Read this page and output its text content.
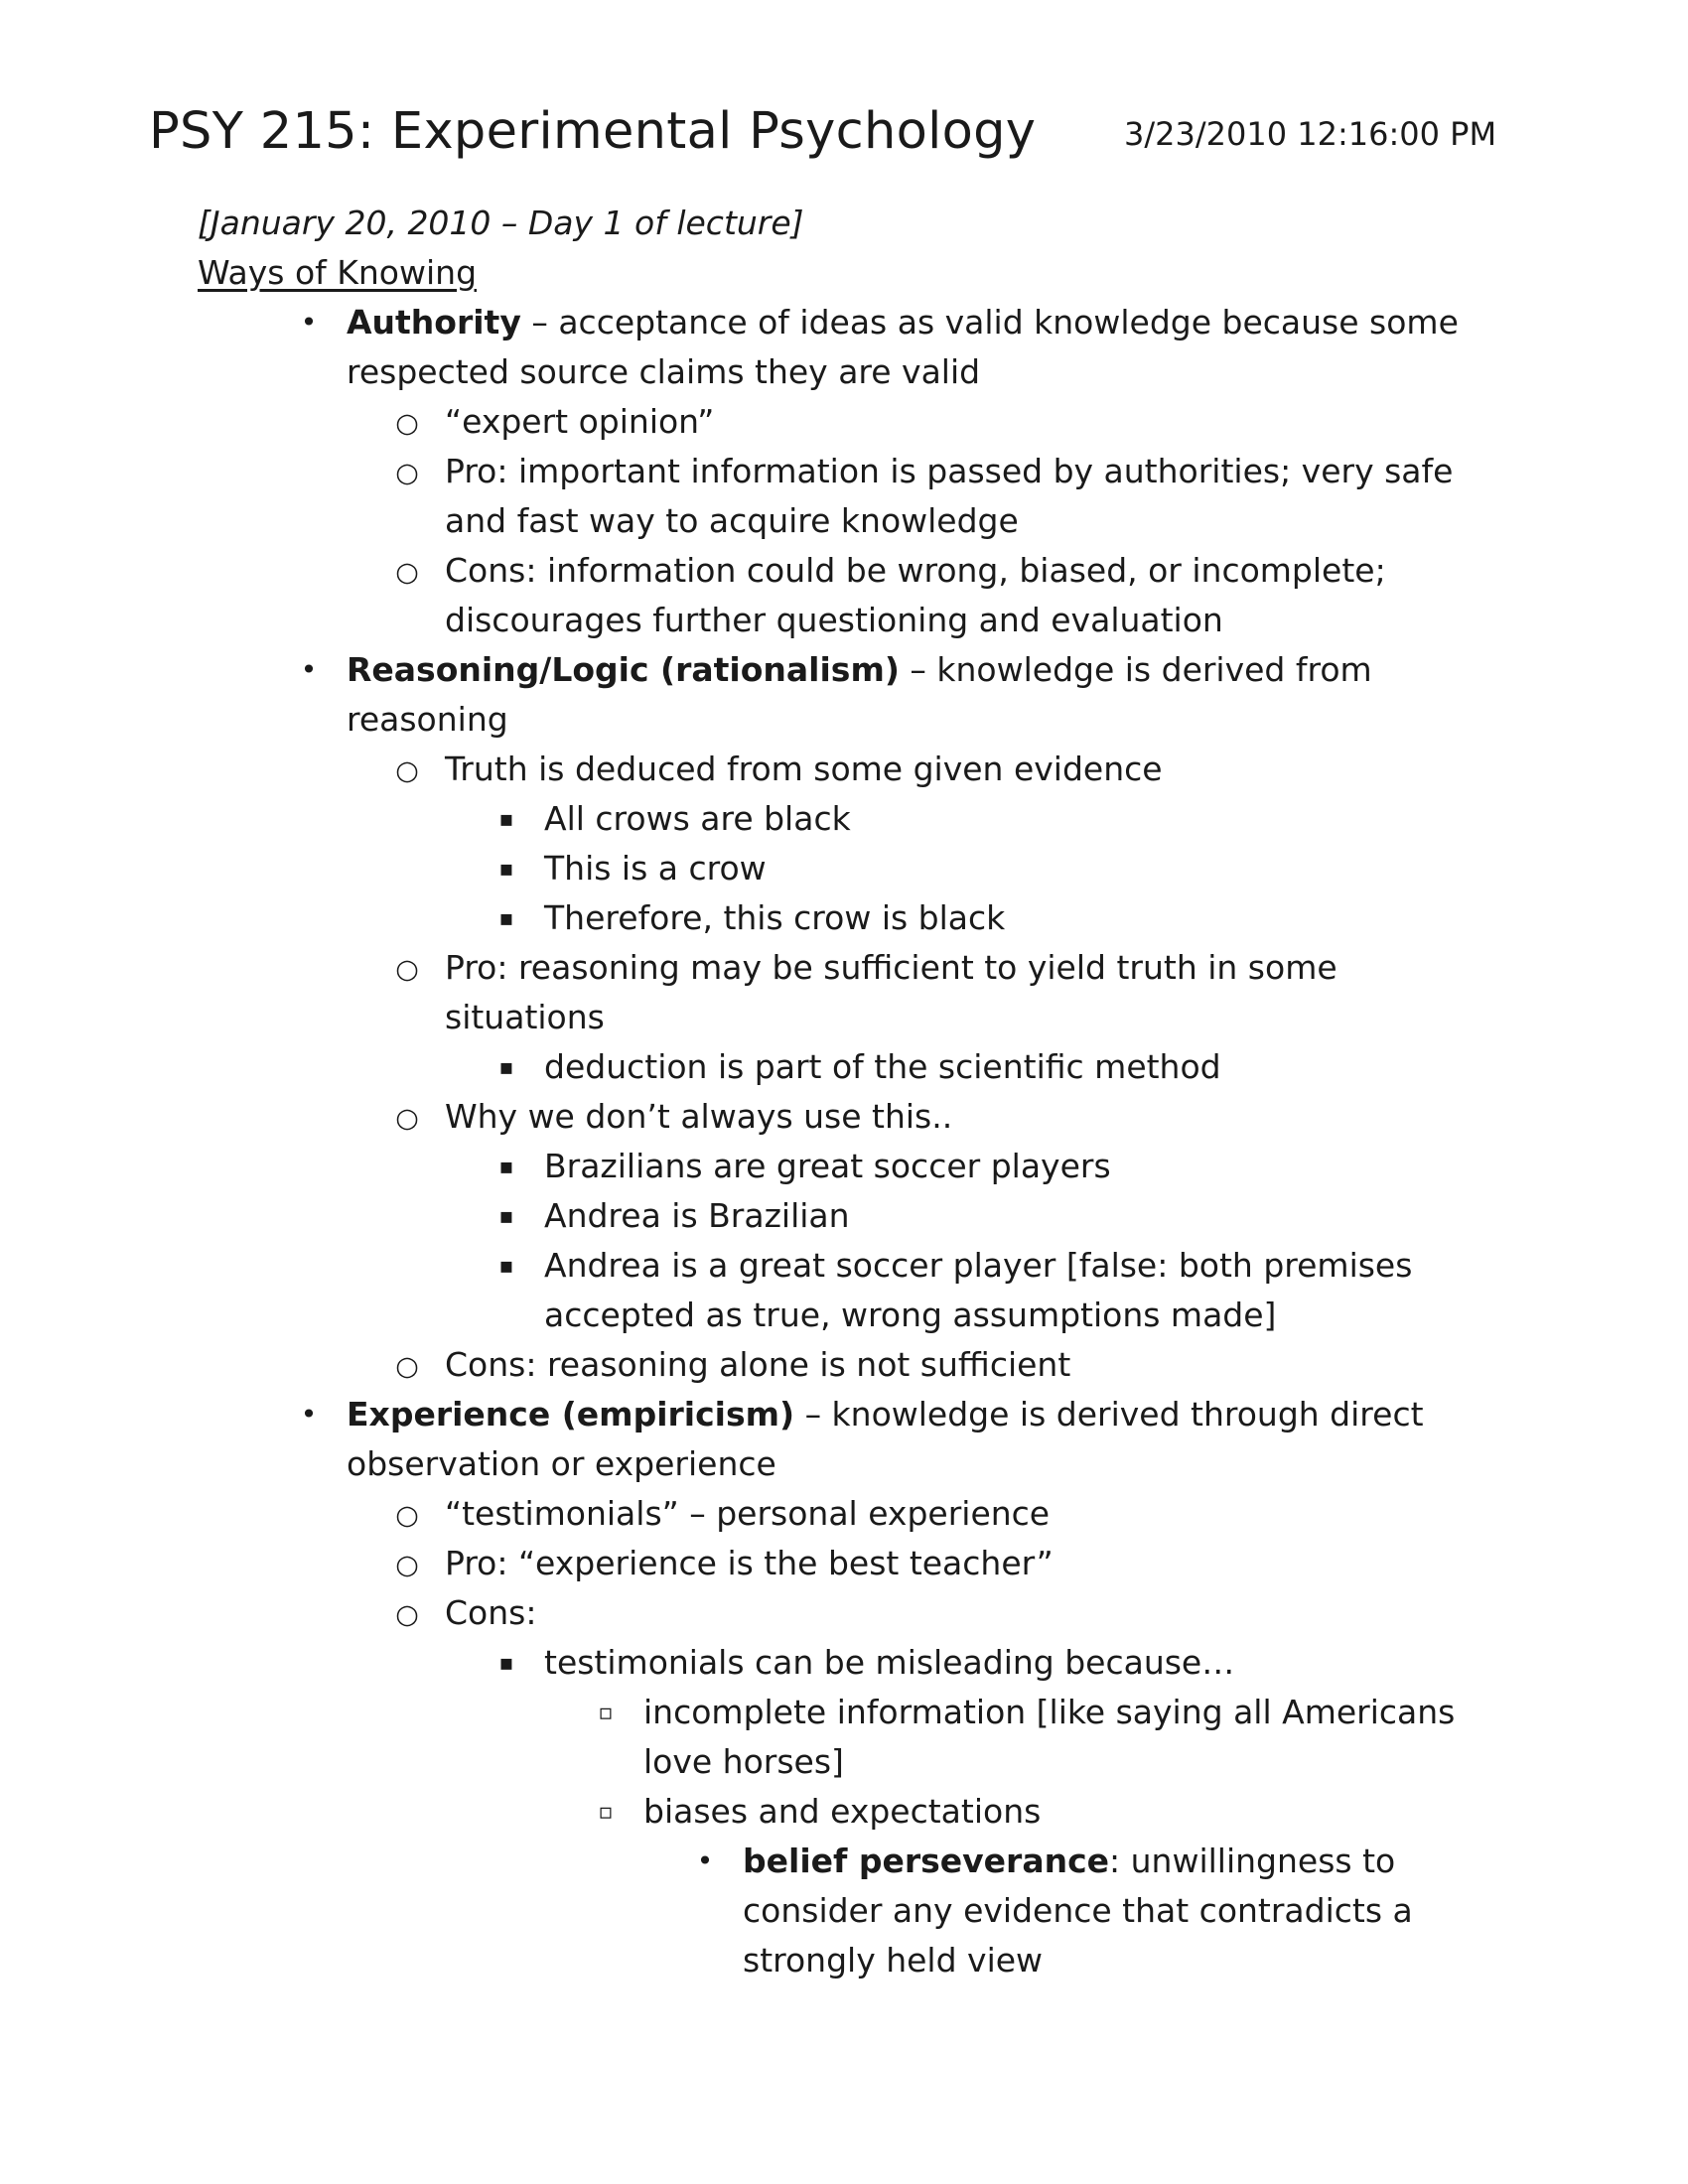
PSY 215: Experimental Psychology	3/23/2010 12:16:00 PM
[January 20, 2010 – Day 1 of lecture]
Ways of Knowing
• Authority – acceptance of ideas as valid knowledge because some respected source claims they are valid
○ “expert opinion”
○ Pro: important information is passed by authorities; very safe and fast way to acquire knowledge
○ Cons: information could be wrong, biased, or incomplete; discourages further questioning and evaluation
• Reasoning/Logic (rationalism) – knowledge is derived from reasoning
○ Truth is deduced from some given evidence
▪ All crows are black
▪ This is a crow
▪ Therefore, this crow is black
○ Pro: reasoning may be sufficient to yield truth in some situations
▪ deduction is part of the scientific method
○ Why we don’t always use this..
▪ Brazilians are great soccer players
▪ Andrea is Brazilian
▪ Andrea is a great soccer player [false: both premises accepted as true, wrong assumptions made]
○ Cons: reasoning alone is not sufficient
• Experience (empiricism) – knowledge is derived through direct observation or experience
○ “testimonials” – personal experience
○ Pro: “experience is the best teacher”
○ Cons:
▪ testimonials can be misleading because…
▫ incomplete information [like saying all Americans love horses]
▫ biases and expectations
• belief perseverance: unwillingness to consider any evidence that contradicts a strongly held view
